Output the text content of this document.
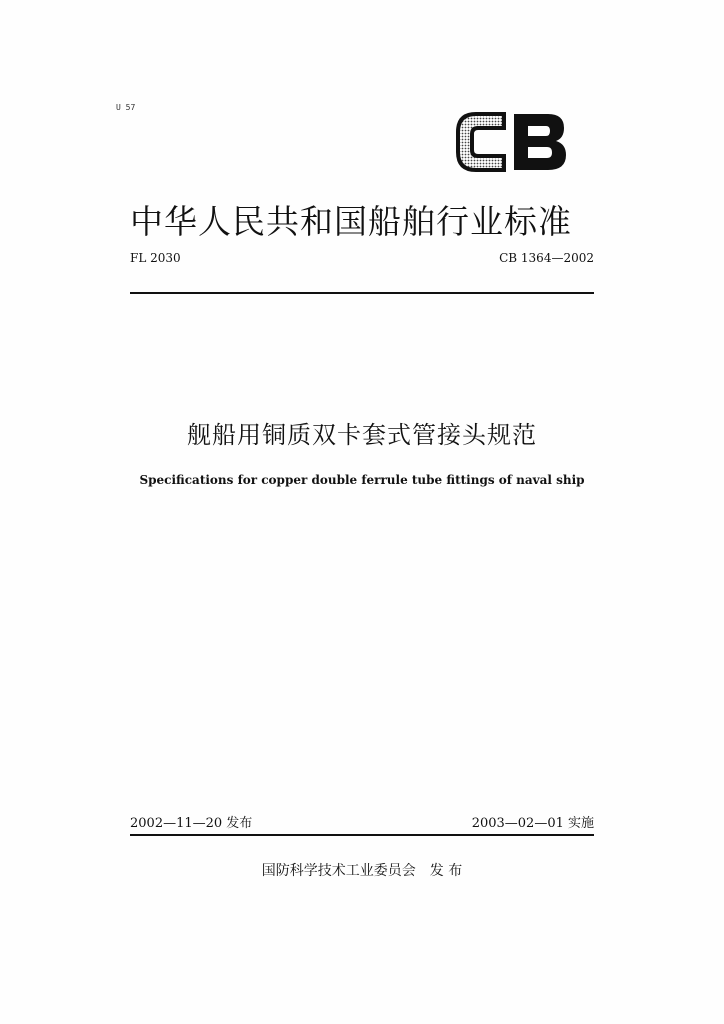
U 57
中华人民共和国船舶行业标准
FL 2030	CB 1364—2002
舰船用铜质双卡套式管接头规范
Specifications for copper double ferrule tube fittings of naval ship
2002—11—20 发布	2003—02—01 实施
国防科学技术工业委员会 发 布
